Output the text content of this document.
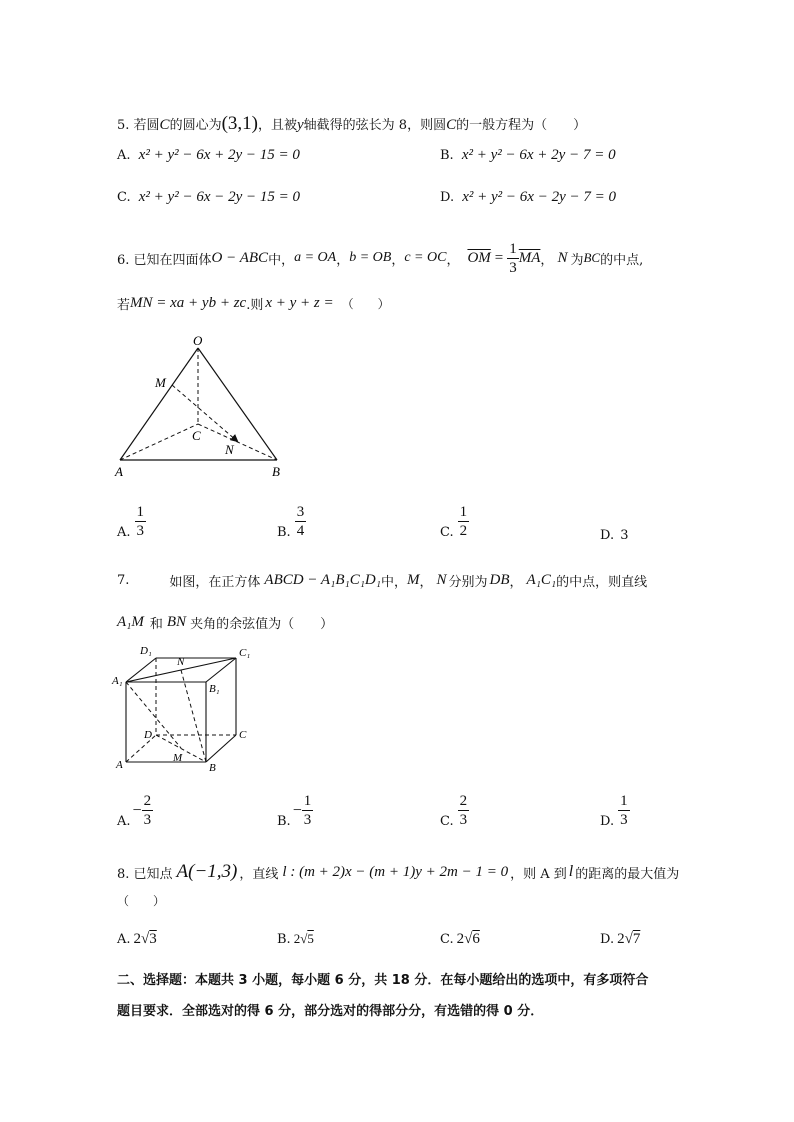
5. 若圆C的圆心为(3,1)，且被y轴截得的弦长为 8，则圆C的一般方程为（　　）
A. x² + y² − 6x + 2y − 15 = 0	B. x² + y² − 6x + 2y − 7 = 0
C. x² + y² − 6x − 2y − 15 = 0	D. x² + y² − 6x − 2y − 7 = 0
6. 已知在四面体 O − ABC 中， a = OA ， b = OB ， c = OC ， $\overline{OM} = \frac{1}{3} \overline{MA}$ ， N 为 BC 的中点,
若 MN = xa + yb + zc .则 x + y + z = （　　）
O
M
C
N
A	B
A. $\frac{1}{3}$	B. $\frac{3}{4}$	C. $\frac{1}{2}$	D. 3
7.	如图，在正方体 ABCD − A₁B₁C₁D₁ 中， M ， N 分别为 DB ， A₁C₁ 的中点，则直线
A₁M 和 BN 夹角的余弦值为（　　）
D₁
N
C₁
A₁
B₁
D	C
M
A	B
A.
− $\frac{2}{3}$	B.
− $\frac{1}{3}$	C. $\frac{2}{3}$	D. $\frac{1}{3}$
8. 已知点 A(−1,3) ，直线 l : (m + 2)x − (m + 1)y + 2m − 1 = 0 ，则 A 到 l 的距离的最大值为
（　　）
A. 2 √ 3	B. 2 √ 5	C. 2 √ 6	D. 2 √ 7
二、选择题：本题共 3 小题，每小题 6 分，共 18 分．在每小题给出的选项中，有多项符合
题目要求．全部选对的得 6 分，部分选对的得部分分，有选错的得 0 分．
